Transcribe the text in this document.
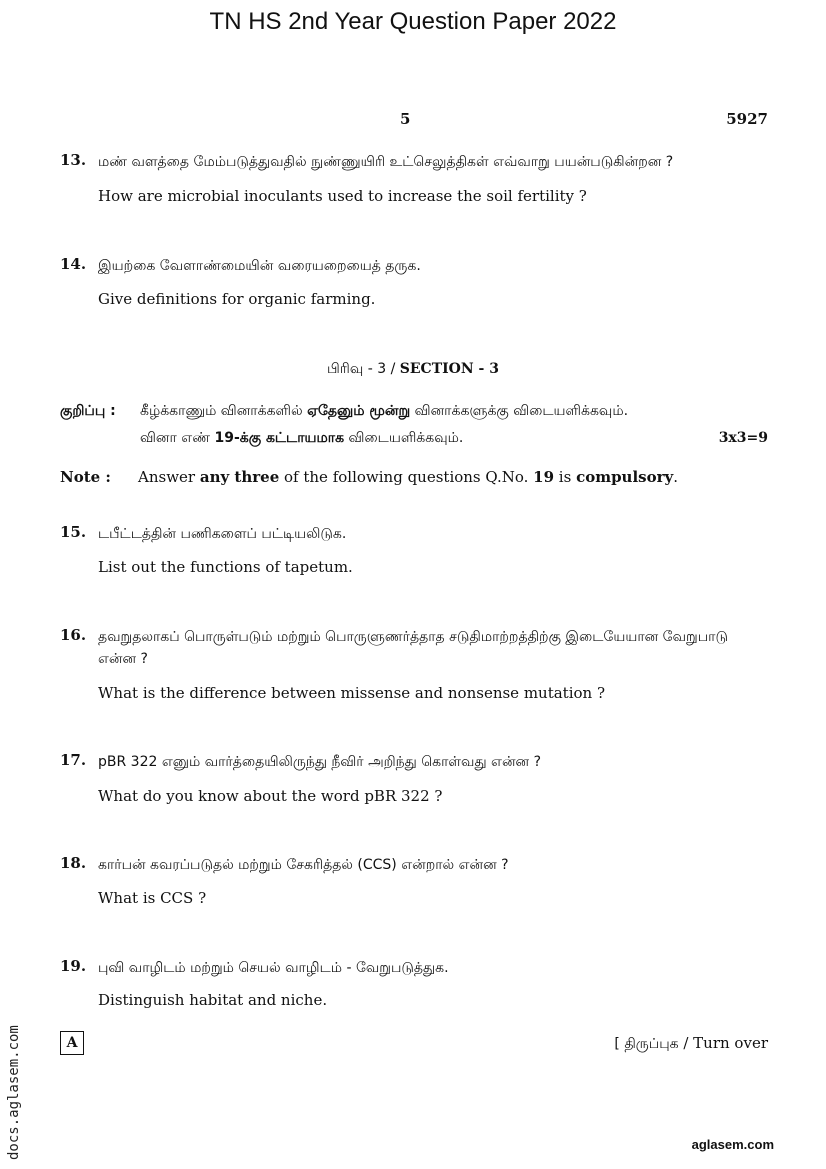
TN HS 2nd Year Question Paper 2022
5	5927
13. மண் வளத்தை மேம்படுத்துவதில் நுண்ணுயிரி உட்செலுத்திகள் எவ்வாறு பயன்படுகின்றன ?
How are microbial inoculants used to increase the soil fertility ?
14. இயற்கை வேளாண்மையின் வரையறையைத் தருக.
Give definitions for organic farming.
பிரிவு - 3 / SECTION - 3
குறிப்பு : கீழ்க்காணும் வினாக்களில் ஏதேனும் மூன்று வினாக்களுக்கு விடையளிக்கவும்.
வினா எண் 19-க்கு கட்டாயமாக விடையளிக்கவும்.	3x3=9
Note : Answer any three of the following questions Q.No. 19 is compulsory.
15. டபீட்டத்தின் பணிகளைப் பட்டியலிடுக.
List out the functions of tapetum.
16. தவறுதலாகப் பொருள்படும் மற்றும் பொருளுணர்த்தாத சடுதிமாற்றத்திற்கு இடையேயான வேறுபாடு என்ன ?
What is the difference between missense and nonsense mutation ?
17. pBR 322 எனும் வார்த்தையிலிருந்து நீவிர் அறிந்து கொள்வது என்ன ?
What do you know about the word pBR 322 ?
18. கார்பன் கவரப்படுதல் மற்றும் சேகரித்தல் (CCS) என்றால் என்ன ?
What is CCS ?
19. புவி வாழிடம் மற்றும் செயல் வாழிடம் - வேறுபடுத்துக.
Distinguish habitat and niche.
A	[ திருப்புக / Turn over
docs.aglasem.com	aglasem.com
